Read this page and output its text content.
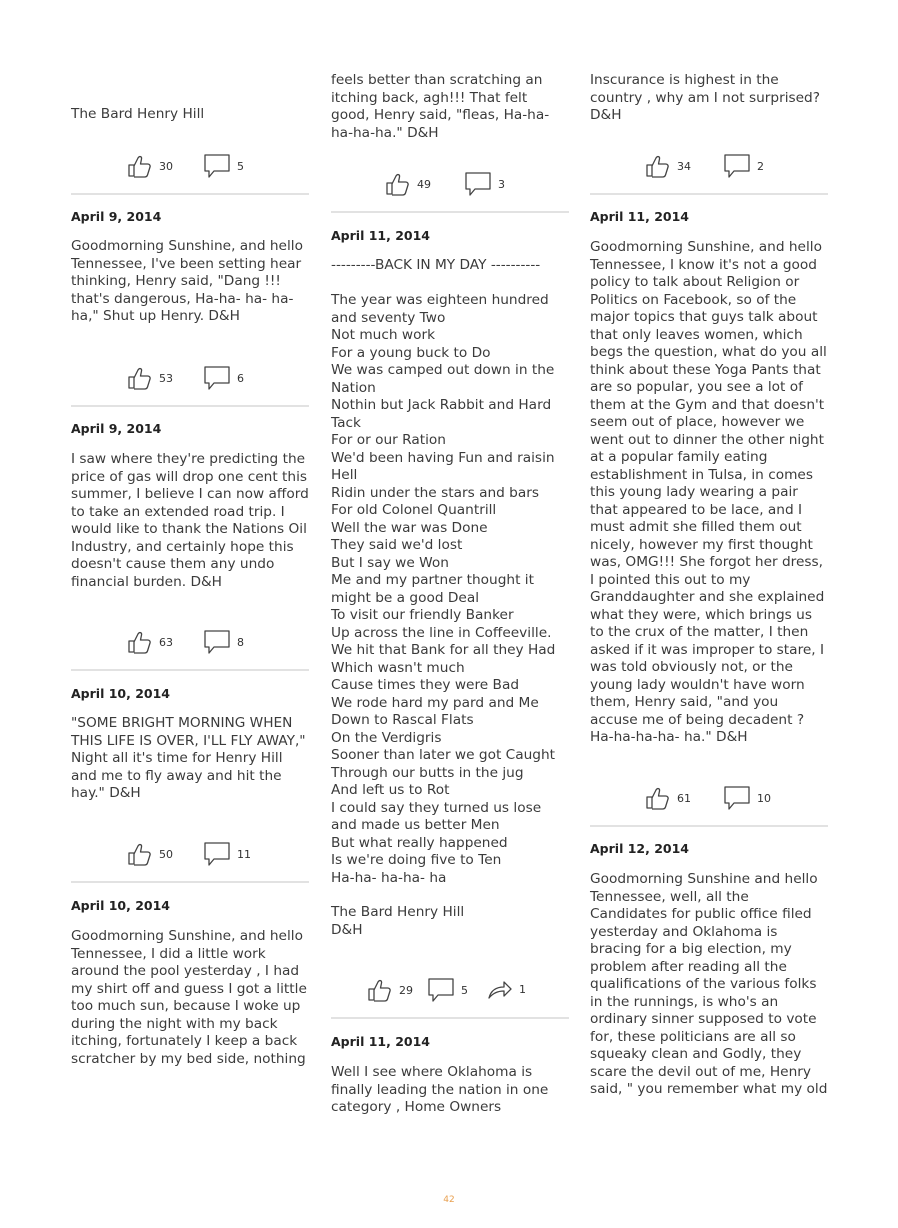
The Bard Henry Hill

30	5

April 9, 2014

Goodmorning Sunshine, and hello Tennessee, I've been setting hear thinking, Henry said, "Dang !!! that's dangerous, Ha-ha- ha- ha- ha," Shut up Henry. D&H

53	6

April 9, 2014

I saw where they're predicting the price of gas will drop one cent this summer, I believe I can now afford to take an extended road trip. I would like to thank the Nations Oil Industry, and certainly hope this doesn't cause them any undo financial burden. D&H

63	8

April 10, 2014

"SOME BRIGHT MORNING WHEN THIS LIFE IS OVER, I'LL FLY AWAY," Night all it's time for Henry Hill and me to fly away and hit the hay." D&H

50	11

April 10, 2014

Goodmorning Sunshine, and hello Tennessee, I did a little work around the pool yesterday , I had my shirt off and guess I got a little too much sun, because I woke up during the night with my back itching, fortunately I keep a back scratcher by my bed side, nothing

feels better than scratching an itching back, agh!!! That felt good, Henry said, "fleas, Ha-ha-ha-ha-ha." D&H

49	3

April 11, 2014

---------BACK IN MY DAY ----------

The year was eighteen hundred and seventy Two
Not much work
For a young buck to Do
We was camped out down in the Nation
Nothin but Jack Rabbit and Hard Tack
For or our Ration
We'd been having Fun and raisin Hell
Ridin under the stars and bars
For old Colonel Quantrill
Well the war was Done
They said we'd lost
But I say we Won
Me and my partner thought it might be a good Deal
To visit our friendly Banker
Up across the line in Coffeeville.
We hit that Bank for all they Had
Which wasn't much
Cause times they were Bad
We rode hard my pard and Me
Down to Rascal Flats
On the Verdigris
Sooner than later we got Caught
Through our butts in the jug
And left us to Rot
I could say they turned us lose and made us better Men
But what really happened
Is we're doing five to Ten
Ha-ha- ha-ha- ha

The Bard Henry Hill
D&H

29	5	1

April 11, 2014

Well I see where Oklahoma is finally leading the nation in one category , Home Owners

Inscurance is highest in the country , why am I not surprised? D&H

34	2

April 11, 2014

Goodmorning Sunshine, and hello Tennessee, I know it's not a good policy to talk about Religion or Politics on Facebook, so of the major topics that guys talk about that only leaves women, which begs the question, what do you all think about these Yoga Pants that are so popular, you see a lot of them at the Gym and that doesn't seem out of place, however we went out to dinner the other night at a popular family eating establishment in Tulsa, in comes this young lady wearing a pair that appeared to be lace, and I must admit she filled them out nicely, however my first thought was, OMG!!! She forgot her dress, I pointed this out to my Granddaughter and she explained what they were, which brings us to the crux of the matter, I then asked if it was improper to stare, I was told obviously not, or the young lady wouldn't have worn them, Henry said, "and you accuse me of being decadent ? Ha-ha-ha-ha- ha." D&H

61	10

April 12, 2014

Goodmorning Sunshine and hello Tennessee, well, all the Candidates for public office filed yesterday and Oklahoma is bracing for a big election, my problem after reading all the qualifications of the various folks in the runnings, is who's an ordinary sinner supposed to vote for, these politicians are all so squeaky clean and Godly, they scare the devil out of me, Henry said, " you remember what my old

42
